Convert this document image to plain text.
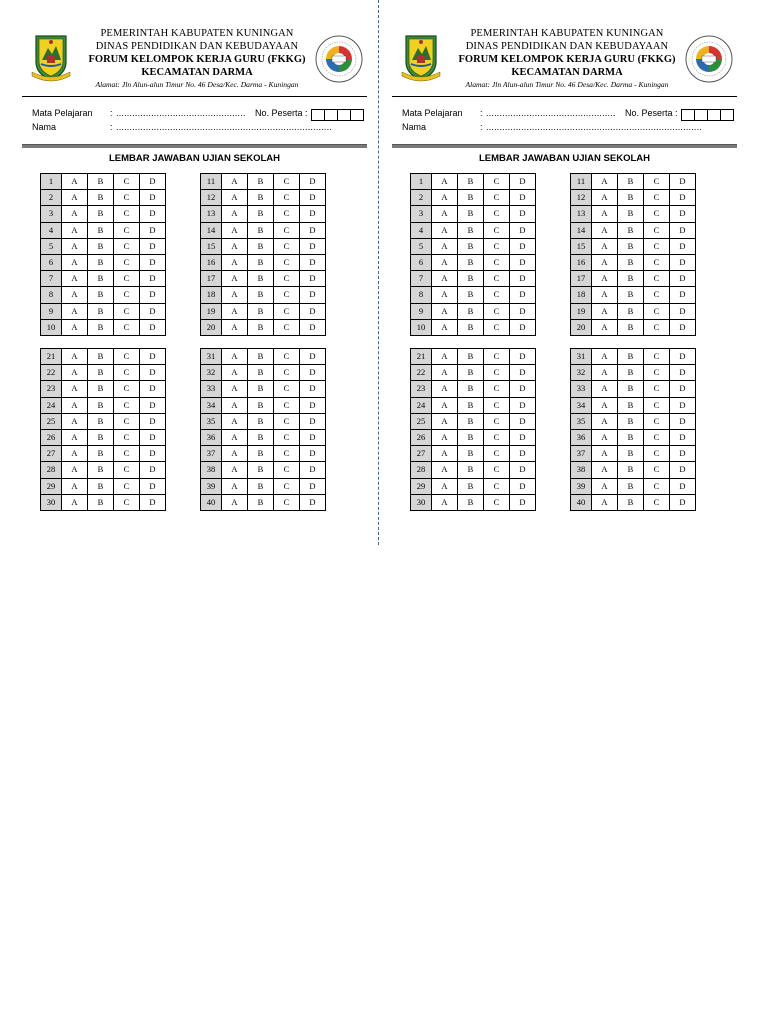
PEMERINTAH KABUPATEN KUNINGAN
DINAS PENDIDIKAN DAN KEBUDAYAAN
FORUM KELOMPOK KERJA GURU (FKKG)
KECAMATAN DARMA
Alamat: Jln Alun-alun Timur No. 46 Desa/Kec. Darma - Kuningan
Mata Pelajaran : ................................................ No. Peserta :
Nama	: ................................................................................
LEMBAR JAWABAN UJIAN SEKOLAH
1	A	B	C	D
2	A	B	C	D
3	A	B	C	D
4	A	B	C	D
5	A	B	C	D
6	A	B	C	D
7	A	B	C	D
8	A	B	C	D
9	A	B	C	D
10	A	B	C	D
11	A	B	C	D
12	A	B	C	D
13	A	B	C	D
14	A	B	C	D
15	A	B	C	D
16	A	B	C	D
17	A	B	C	D
18	A	B	C	D
19	A	B	C	D
20	A	B	C	D
21	A	B	C	D
22	A	B	C	D
23	A	B	C	D
24	A	B	C	D
25	A	B	C	D
26	A	B	C	D
27	A	B	C	D
28	A	B	C	D
29	A	B	C	D
30	A	B	C	D
31	A	B	C	D
32	A	B	C	D
33	A	B	C	D
34	A	B	C	D
35	A	B	C	D
36	A	B	C	D
37	A	B	C	D
38	A	B	C	D
39	A	B	C	D
40	A	B	C	D
PEMERINTAH KABUPATEN KUNINGAN
DINAS PENDIDIKAN DAN KEBUDAYAAN
FORUM KELOMPOK KERJA GURU (FKKG)
KECAMATAN DARMA
Alamat: Jln Alun-alun Timur No. 46 Desa/Kec. Darma - Kuningan
Mata Pelajaran : ................................................ No. Peserta :
Nama	: ................................................................................
LEMBAR JAWABAN UJIAN SEKOLAH
1	A	B	C	D
2	A	B	C	D
3	A	B	C	D
4	A	B	C	D
5	A	B	C	D
6	A	B	C	D
7	A	B	C	D
8	A	B	C	D
9	A	B	C	D
10	A	B	C	D
11	A	B	C	D
12	A	B	C	D
13	A	B	C	D
14	A	B	C	D
15	A	B	C	D
16	A	B	C	D
17	A	B	C	D
18	A	B	C	D
19	A	B	C	D
20	A	B	C	D
21	A	B	C	D
22	A	B	C	D
23	A	B	C	D
24	A	B	C	D
25	A	B	C	D
26	A	B	C	D
27	A	B	C	D
28	A	B	C	D
29	A	B	C	D
30	A	B	C	D
31	A	B	C	D
32	A	B	C	D
33	A	B	C	D
34	A	B	C	D
35	A	B	C	D
36	A	B	C	D
37	A	B	C	D
38	A	B	C	D
39	A	B	C	D
40	A	B	C	D
